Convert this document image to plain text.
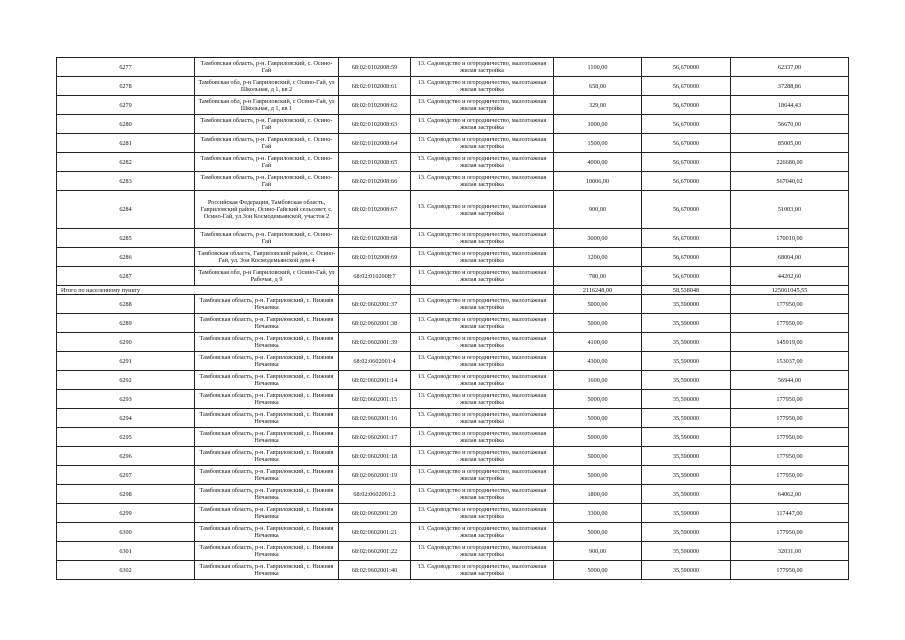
6277	Тамбовская область, р-н. Гавриловский, с. Осино-Гай	68:02:0102008:59	13. Садоводство и огородничество, малоэтажная жилая застройка	1100,00	56,670000	62337,00
6278	Тамбовская обл, р-н Гавриловский, с Осино-Гай, ул Школьная, д 1, кв 2	68:02:0102008:61	13. Садоводство и огородничество, малоэтажная жилая застройка	658,00	56,670000	37288,86
6279	Тамбовская обл, р-н Гавриловский, с Осино-Гай, ул Школьная, д 1, кв 1	68:02:0102008:62	13. Садоводство и огородничество, малоэтажная жилая застройка	329,00	56,670000	18644,43
6280	Тамбовская область, р-н. Гавриловский, с. Осино-Гай	68:02:0102008:63	13. Садоводство и огородничество, малоэтажная жилая застройка	1000,00	56,670000	56670,00
6281	Тамбовская область, р-н. Гавриловский, с. Осино-Гай	68:02:0102008:64	13. Садоводство и огородничество, малоэтажная жилая застройка	1500,00	56,670000	85005,00
6282	Тамбовская область, р-н. Гавриловский, с. Осино-Гай	68:02:0102008:65	13. Садоводство и огородничество, малоэтажная жилая застройка	4000,00	56,670000	226680,00
6283	Тамбовская область, р-н. Гавриловский, с. Осино-Гай	68:02:0102008:66	13. Садоводство и огородничество, малоэтажная жилая застройка	10006,00	56,670000	567040,02
6284	Российская Федерация, Тамбовская область, Гавриловский район, Осино-Гайский сельсовет, с. Осино-Гай, ул.Зои Космодемьянской, участок 2	68:02:0102008:67	13. Садоводство и огородничество, малоэтажная жилая застройка	900,00	56,670000	51003,00
6285	Тамбовская область, р-н. Гавриловский, с. Осино-Гай	68:02:0102008:68	13. Садоводство и огородничество, малоэтажная жилая застройка	3000,00	56,670000	170010,00
6286	Тамбовская область, Гавриловский район, с. Осино-Гай, ул. Зои Космодемьянской дом 4	68:02:0102008:69	13. Садоводство и огородничество, малоэтажная жилая застройка	1200,00	56,670000	68004,00
6287	Тамбовская обл, р-н Гавриловский, с Осино-Гай, ул Рабочая, д 9	68:02:0102008:7	13. Садоводство и огородничество, малоэтажная жилая застройка	780,00	56,670000	44202,60
Итого по населенному пункту				2116248,00	58,538048	125061045,55
6288	Тамбовская область, р-н. Гавриловский, с. Нижняя Нечаевка	68:02:0602001:37	13. Садоводство и огородничество, малоэтажная жилая застройка	5000,00	35,590000	177950,00
6289	Тамбовская область, р-н. Гавриловский, с. Нижняя Нечаевка	68:02:0602001:38	13. Садоводство и огородничество, малоэтажная жилая застройка	5000,00	35,590000	177950,00
6290	Тамбовская область, р-н. Гавриловский, с. Нижняя Нечаевка	68:02:0602001:39	13. Садоводство и огородничество, малоэтажная жилая застройка	4100,00	35,590000	145919,00
6291	Тамбовская область, р-н. Гавриловский, с. Нижняя Нечаевка	68:02:0602001:4	13. Садоводство и огородничество, малоэтажная жилая застройка	4300,00	35,590000	153037,00
6292	Тамбовская область, р-н. Гавриловский, с. Нижняя Нечаевка	68:02:0602001:14	13. Садоводство и огородничество, малоэтажная жилая застройка	1600,00	35,590000	56944,00
6293	Тамбовская область, р-н. Гавриловский, с. Нижняя Нечаевка	68:02:0602001:15	13. Садоводство и огородничество, малоэтажная жилая застройка	5000,00	35,590000	177950,00
6294	Тамбовская область, р-н. Гавриловский, с. Нижняя Нечаевка	68:02:0602001:16	13. Садоводство и огородничество, малоэтажная жилая застройка	5000,00	35,590000	177950,00
6295	Тамбовская область, р-н. Гавриловский, с. Нижняя Нечаевка	68:02:0602001:17	13. Садоводство и огородничество, малоэтажная жилая застройка	5000,00	35,590000	177950,00
6296	Тамбовская область, р-н. Гавриловский, с. Нижняя Нечаевка	68:02:0602001:18	13. Садоводство и огородничество, малоэтажная жилая застройка	5000,00	35,590000	177950,00
6297	Тамбовская область, р-н. Гавриловский, с. Нижняя Нечаевка	68:02:0602001:19	13. Садоводство и огородничество, малоэтажная жилая застройка	5000,00	35,590000	177950,00
6298	Тамбовская область, р-н. Гавриловский, с. Нижняя Нечаевка	68:02:0602001:2	13. Садоводство и огородничество, малоэтажная жилая застройка	1800,00	35,590000	64062,00
6299	Тамбовская область, р-н. Гавриловский, с. Нижняя Нечаевка	68:02:0602001:20	13. Садоводство и огородничество, малоэтажная жилая застройка	3300,00	35,590000	117447,00
6300	Тамбовская область, р-н. Гавриловский, с. Нижняя Нечаевка	68:02:0602001:21	13. Садоводство и огородничество, малоэтажная жилая застройка	5000,00	35,590000	177950,00
6301	Тамбовская область, р-н. Гавриловский, с. Нижняя Нечаевка	68:02:0602001:22	13. Садоводство и огородничество, малоэтажная жилая застройка	900,00	35,590000	32031,00
6302	Тамбовская область, р-н. Гавриловский, с. Нижняя Нечаевка	68:02:0602001:40	13. Садоводство и огородничество, малоэтажная жилая застройка	5000,00	35,590000	177950,00
